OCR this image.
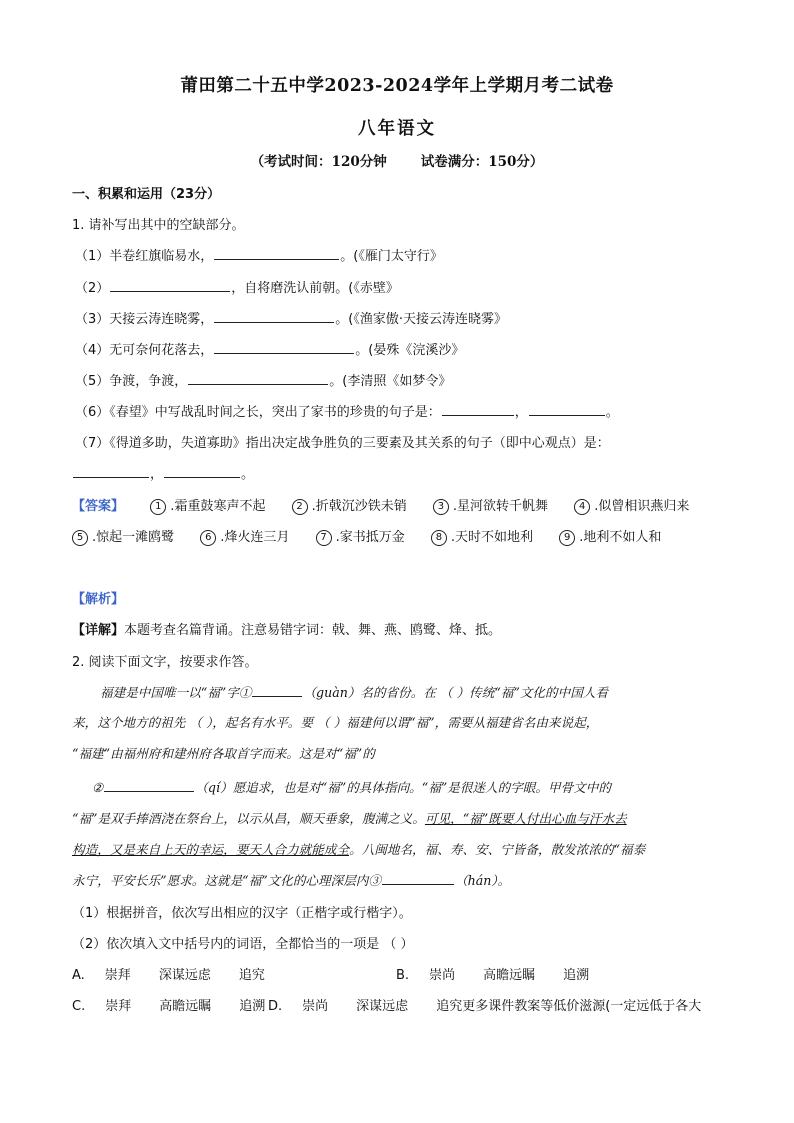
莆田第二十五中学2023-2024学年上学期月考二试卷
八年语文
（考试时间：120分钟	试卷满分：150分）
一、积累和运用（23分）
1. 请补写出其中的空缺部分。
（1）半卷红旗临易水，	。(《雁门太守行》
（2）	，自将磨洗认前朝。(《赤壁》
（3）天接云涛连晓雾，	。(《渔家傲·天接云涛连晓雾》
（4）无可奈何花落去，	。(晏殊《浣溪沙》
（5）争渡，争渡，	。(李清照《如梦令》
（6）《春望》中写战乱时间之长，突出了家书的珍贵的句子是：	，	。
（7）《得道多助，失道寡助》指出决定战争胜负的三要素及其关系的句子（即中心观点）是：
，	。
【答案】	1 .霜重鼓寒声不起	2 .折戟沉沙铁未销	3 .星河欲转千帆舞	4 .似曾相识燕归来
5 .惊起一滩鸥鹭	6 .烽火连三月	7 .家书抵万金	8 .天时不如地利	9 .地利不如人和
【解析】
【详解】本题考查名篇背诵。注意易错字词：戟、舞、燕、鸥鹭、烽、抵。
2. 阅读下面文字，按要求作答。
福建是中国唯一以“福”字①	（guàn）名的省份。在 （ ）传统“福”文化的中国人看
来，这个地方的祖先 （ ），起名有水平。要 （ ）福建何以谓“福”，需要从福建省名由来说起，
“福建”由福州府和建州府各取首字而来。这是对“福”的
②	（qí）愿追求，也是对“福”的具体指向。“福”是很迷人的字眼。甲骨文中的
“福”是双手捧酒浇在祭台上，以示从昌，顺天垂象，腹满之义。可见，“福”既要人付出心血与汗水去
构造，又是来自上天的幸运，要天人合力就能成全。八闽地名，福、寿、安、宁皆备，散发浓浓的“福泰
永宁，平安长乐”愿求。这就是“福”文化的心理深层内③	（hán）。
（1）根据拼音，依次写出相应的汉字（正楷字或行楷字）。
（2）依次填入文中括号内的词语，全都恰当的一项是 （ ）
A. 崇拜 深谋远虑 追究	B. 崇尚 高瞻远瞩 追溯
C. 崇拜 高瞻远瞩 追溯 D. 崇尚 深谋远虑 追究更多课件教案等低价滋源(一定远低于各大
